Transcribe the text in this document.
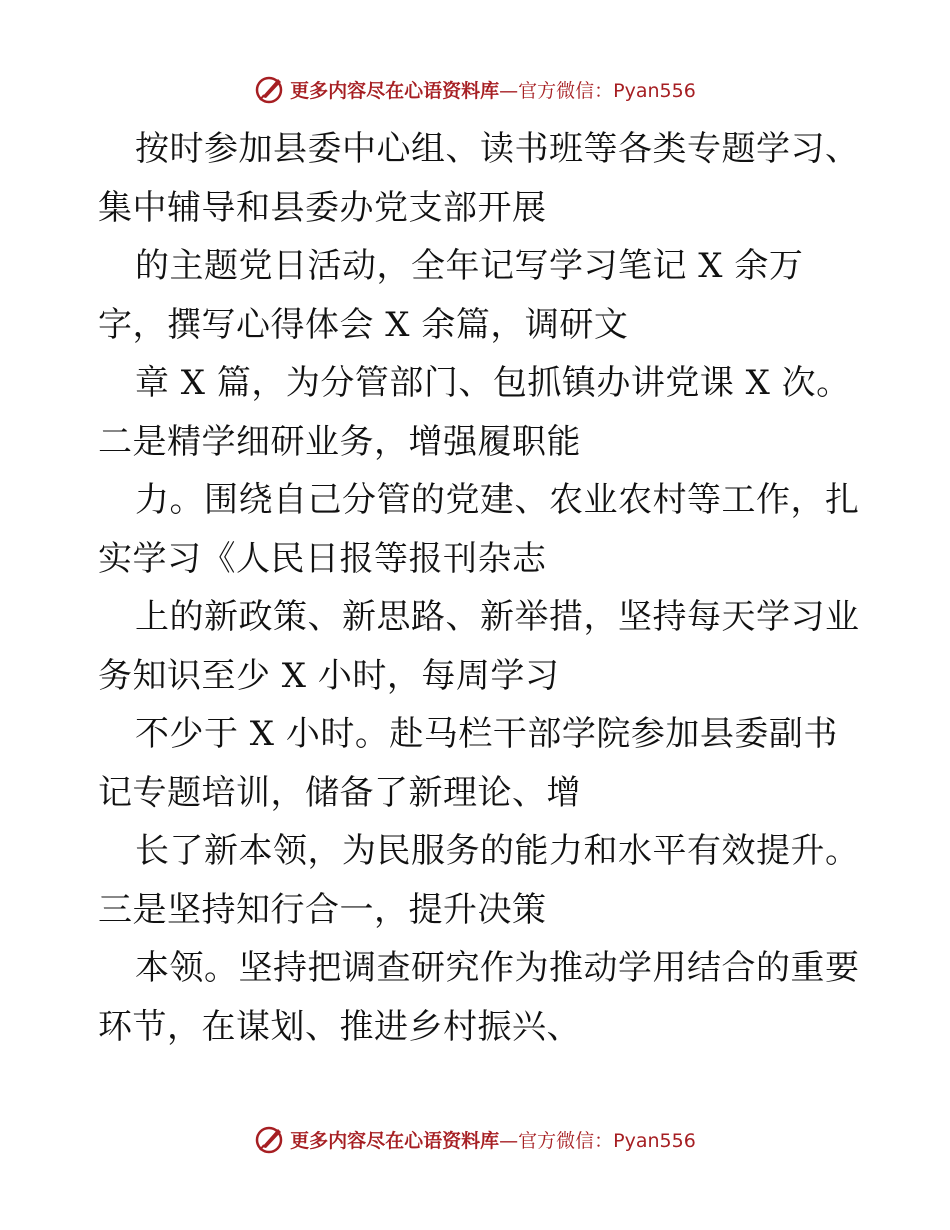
更多内容尽在心语资料库 —官方微信：Pyan556
按时参加县委中心组、读书班等各类专题学习、
集中辅导和县委办党支部开展
的主题党日活动，全年记写学习笔记 X 余万
字，撰写心得体会 X 余篇，调研文
章 X 篇，为分管部门、包抓镇办讲党课 X 次。
二是精学细研业务，增强履职能
力。围绕自己分管的党建、农业农村等工作，扎
实学习《人民日报等报刊杂志
上的新政策、新思路、新举措，坚持每天学习业
务知识至少 X 小时，每周学习
不少于 X 小时。赴马栏干部学院参加县委副书
记专题培训，储备了新理论、增
长了新本领，为民服务的能力和水平有效提升。
三是坚持知行合一，提升决策
本领。坚持把调查研究作为推动学用结合的重要
环节，在谋划、推进乡村振兴、
更多内容尽在心语资料库 —官方微信：Pyan556
